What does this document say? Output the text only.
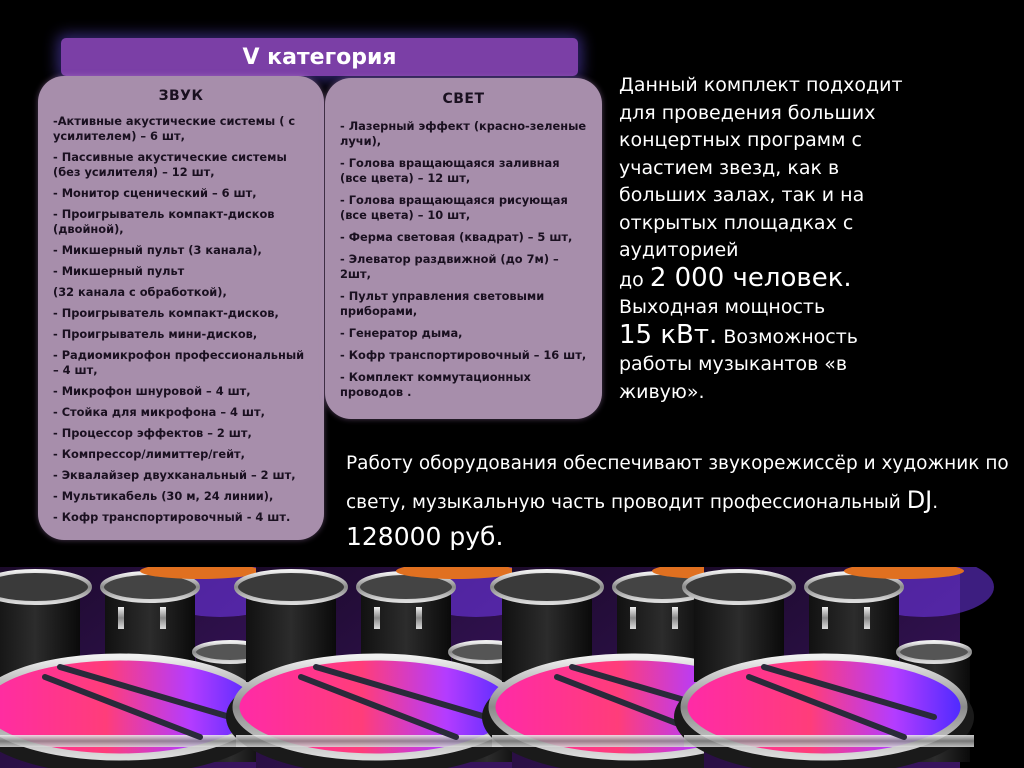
V категория
ЗВУК
-Активные акустические системы ( с усилителем) – 6 шт,
- Пассивные акустические системы (без усилителя) – 12 шт,
- Монитор сценический – 6 шт,
- Проигрыватель компакт-дисков (двойной),
- Микшерный пульт (3 канала),
- Микшерный пульт
(32 канала с обработкой),
- Проигрыватель компакт-дисков,
- Проигрыватель мини-дисков,
- Радиомикрофон профессиональный – 4 шт,
- Микрофон шнуровой – 4 шт,
- Стойка для микрофона – 4 шт,
- Процессор эффектов – 2 шт,
- Компрессор/лимиттер/гейт,
- Эквалайзер двухканальный – 2 шт,
- Мультикабель (30 м, 24 линии),
- Кофр транспортировочный - 4 шт.
СВЕТ
- Лазерный эффект (красно-зеленые лучи),
- Голова вращающаяся заливная (все цвета) – 12 шт,
- Голова вращающаяся рисующая (все цвета) – 10 шт,
- Ферма световая (квадрат) – 5 шт,
- Элеватор раздвижной (до 7м) – 2шт,
- Пульт управления световыми приборами,
- Генератор дыма,
- Кофр транспортировочный – 16 шт,
- Комплект коммутационных проводов .
Данный комплект подходит для проведения больших концертных программ с участием звезд, как в больших залах, так и на открытых площадках с аудиторией
до 2 000 человек.
Выходная мощность
15 кВт. Возможность работы музыкантов «в живую».
Работу оборудования обеспечивают звукорежиссёр и художник по свету, музыкальную часть проводит профессиональный DJ.
128000 руб.
